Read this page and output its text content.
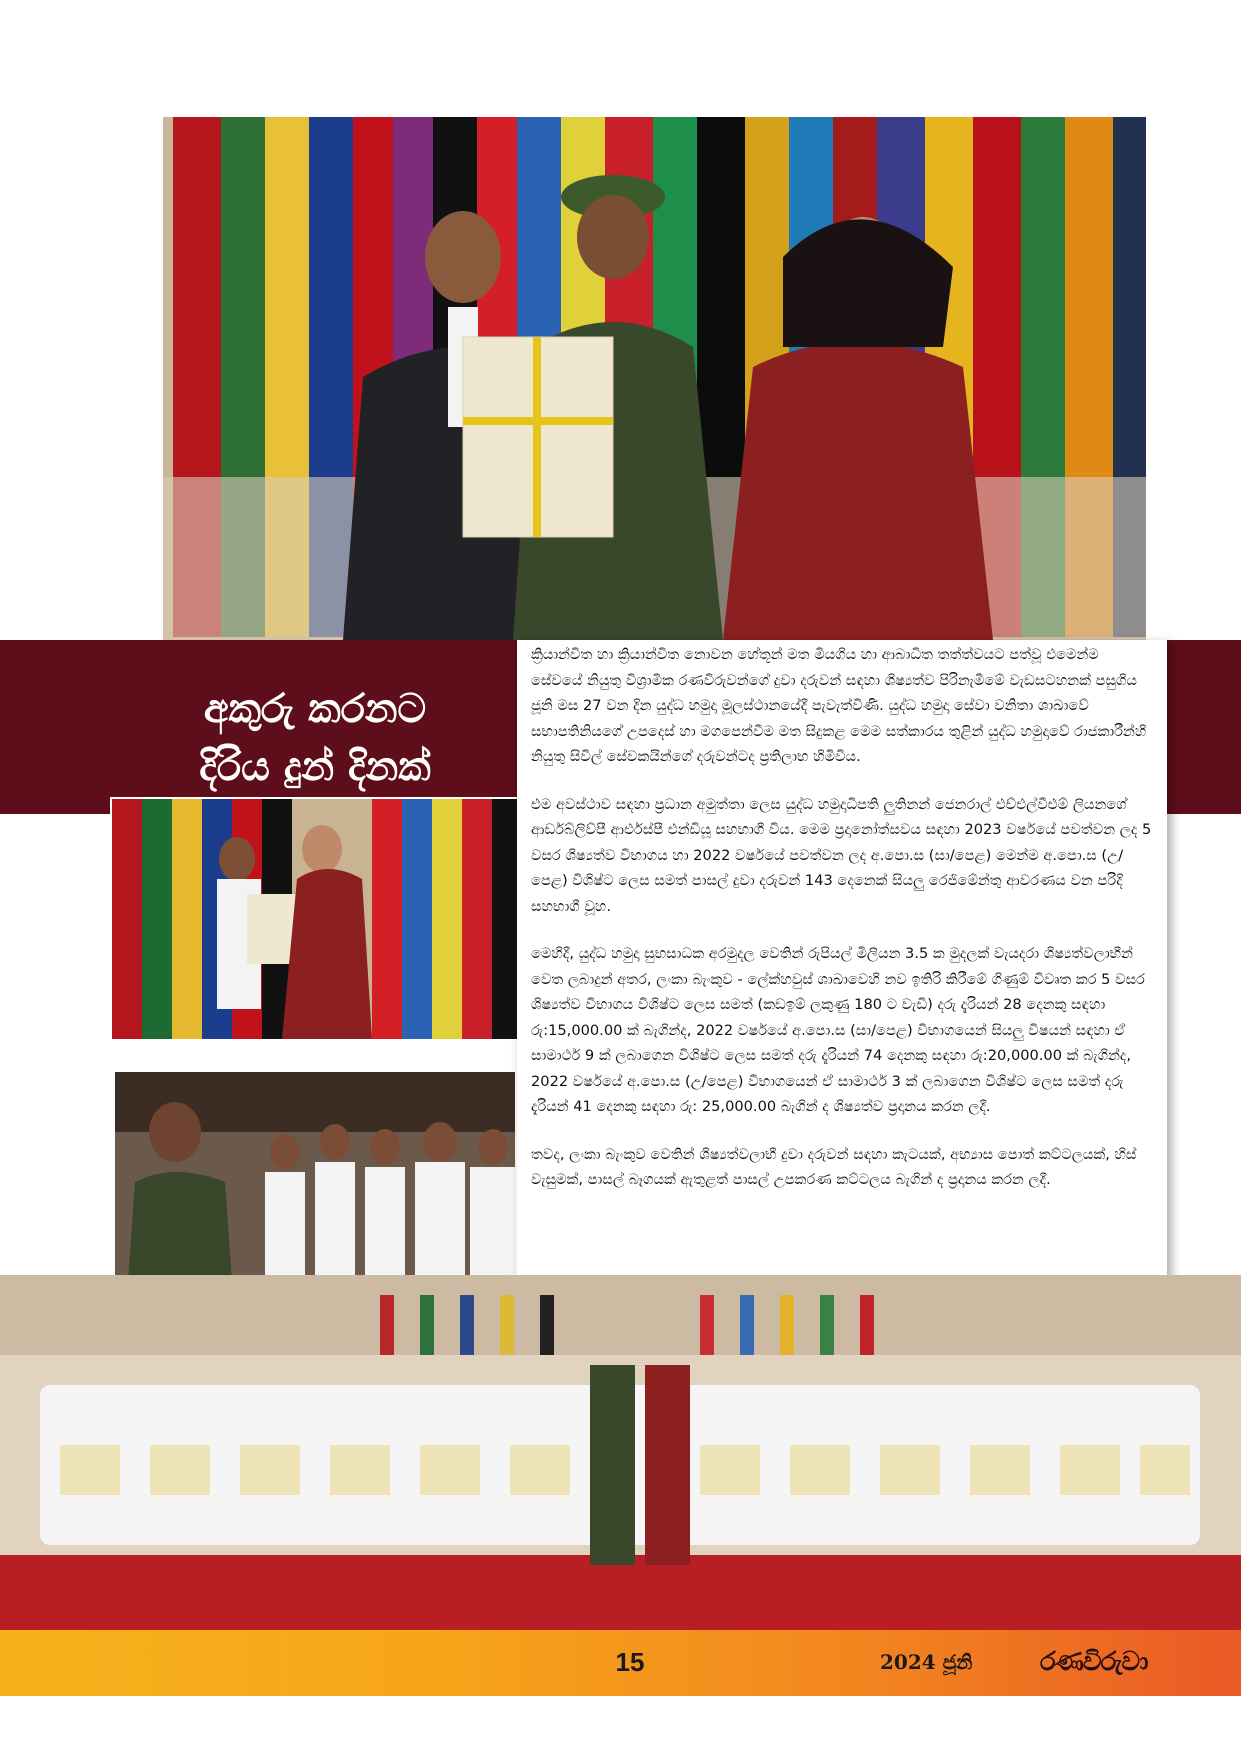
අකුරු කරනට
දිරිය දුන් දිනක්

ක්‍රියාන්විත හා ක්‍රියාන්විත නොවන හේතූන් මත මියගිය හා ආබාධිත තත්ත්වයට පත්වූ එමෙන්ම සේවයේ නියුතු විශ්‍රාමික රණවිරුවන්ගේ දුවා දරුවන් සඳහා ශිෂ්‍යත්ව පිරිනැමීමේ වැඩසටහනක් පසුගිය ජූනි මස 27 වන දින යුද්ධ හමුදා මූලස්ථානයේදී පැවැත්විණි. යුද්ධ හමුදා සේවා වනිතා ශාඛාවේ සභාපතිනියගේ උපදෙස් හා මගපෙන්වීම මත සිදුකළ මෙම සත්කාරය තුළින් යුද්ධ හමුදාවේ රාජකාරීන්හි නියුතු සිවිල් සේවකයින්ගේ දරුවන්ටද ප්‍රතිලාභ හිමිවිය.

එම අවස්ථාව සඳහා ප්‍රධාන අමුත්තා ලෙස යුද්ධ හමුදාධිපති ලුතිනන් ජෙනරාල් එච්එල්වීඑම් ලියනගේ ආර්ඩබ්ලිව්පී ආර්එස්පී එන්ඩියූ සහභාගී විය. මෙම ප්‍රදානෝත්සවය සඳහා 2023 වර්ෂයේ පවත්වන ලද 5 වසර ශිෂ්‍යත්ව විභාගය හා 2022 වර්ෂයේ පවත්වන ලද අ.පො.ස (සා/පෙළ) මෙන්ම අ.පො.ස (උ/පෙළ) විශිෂ්ට ලෙස සමත් පාසල් දුවා දරුවන් 143 දෙනෙක් සියලු රෙජිමේන්තු ආවරණය වන පරිදි සහභාගී වූහ.

මෙහිදී, යුද්ධ හමුදා සුභසාධක අරමුදල වෙතින් රුපියල් මිලියන 3.5 ක මුදලක් වැයදරා ශිෂ්‍යත්වලාභීන් වෙත ලබාදුන් අතර, ලංකා බැංකුව - ලේක්හවුස් ශාඛාවෙහි නව ඉතිරි කිරීමේ ගිණුම් විවෘත කර 5 වසර ශිෂ්‍යත්ව විභාගය විශිෂ්ට ලෙස සමත් (කඩඉම් ලකුණු 180 ට වැඩි) දරු දැරියන් 28 දෙනකු සඳහා රු:15,000.00 ක් බැගින්ද, 2022 වර්ෂයේ අ.පො.ස (සා/පෙළ) විභාගයෙන් සියලු විෂයන් සඳහා ඒ සාමාර්ථ 9 ක් ලබාගෙන විශිෂ්ට ලෙස සමත් දරු දැරියන් 74 දෙනකු සඳහා රු:20,000.00 ක් බැගින්ද, 2022 වර්ෂයේ අ.පො.ස (උ/පෙළ) විභාගයෙන් ඒ සාමාර්ථ 3 ක් ලබාගෙන විශිෂ්ට ලෙස සමත් දරු දැරියන් 41 දෙනකු සඳහා රු: 25,000.00 බැගින් ද ශිෂ්‍යත්ව ප්‍රදානය කරන ලදී.

තවද, ලංකා බැංකුව වෙතින් ශිෂ්‍යත්වලාභී දුවා දරුවන් සඳහා කැටයක්, අභ්‍යාස පොත් කට්ටලයක්, හිස් වැසුමක්, පාසල් බෑගයක් ඇතුළත් පාසල් උපකරණ කට්ටලය බැගින් ද ප්‍රදානය කරන ලදී.

15	2024 ජූනි	රණවිරුවා
